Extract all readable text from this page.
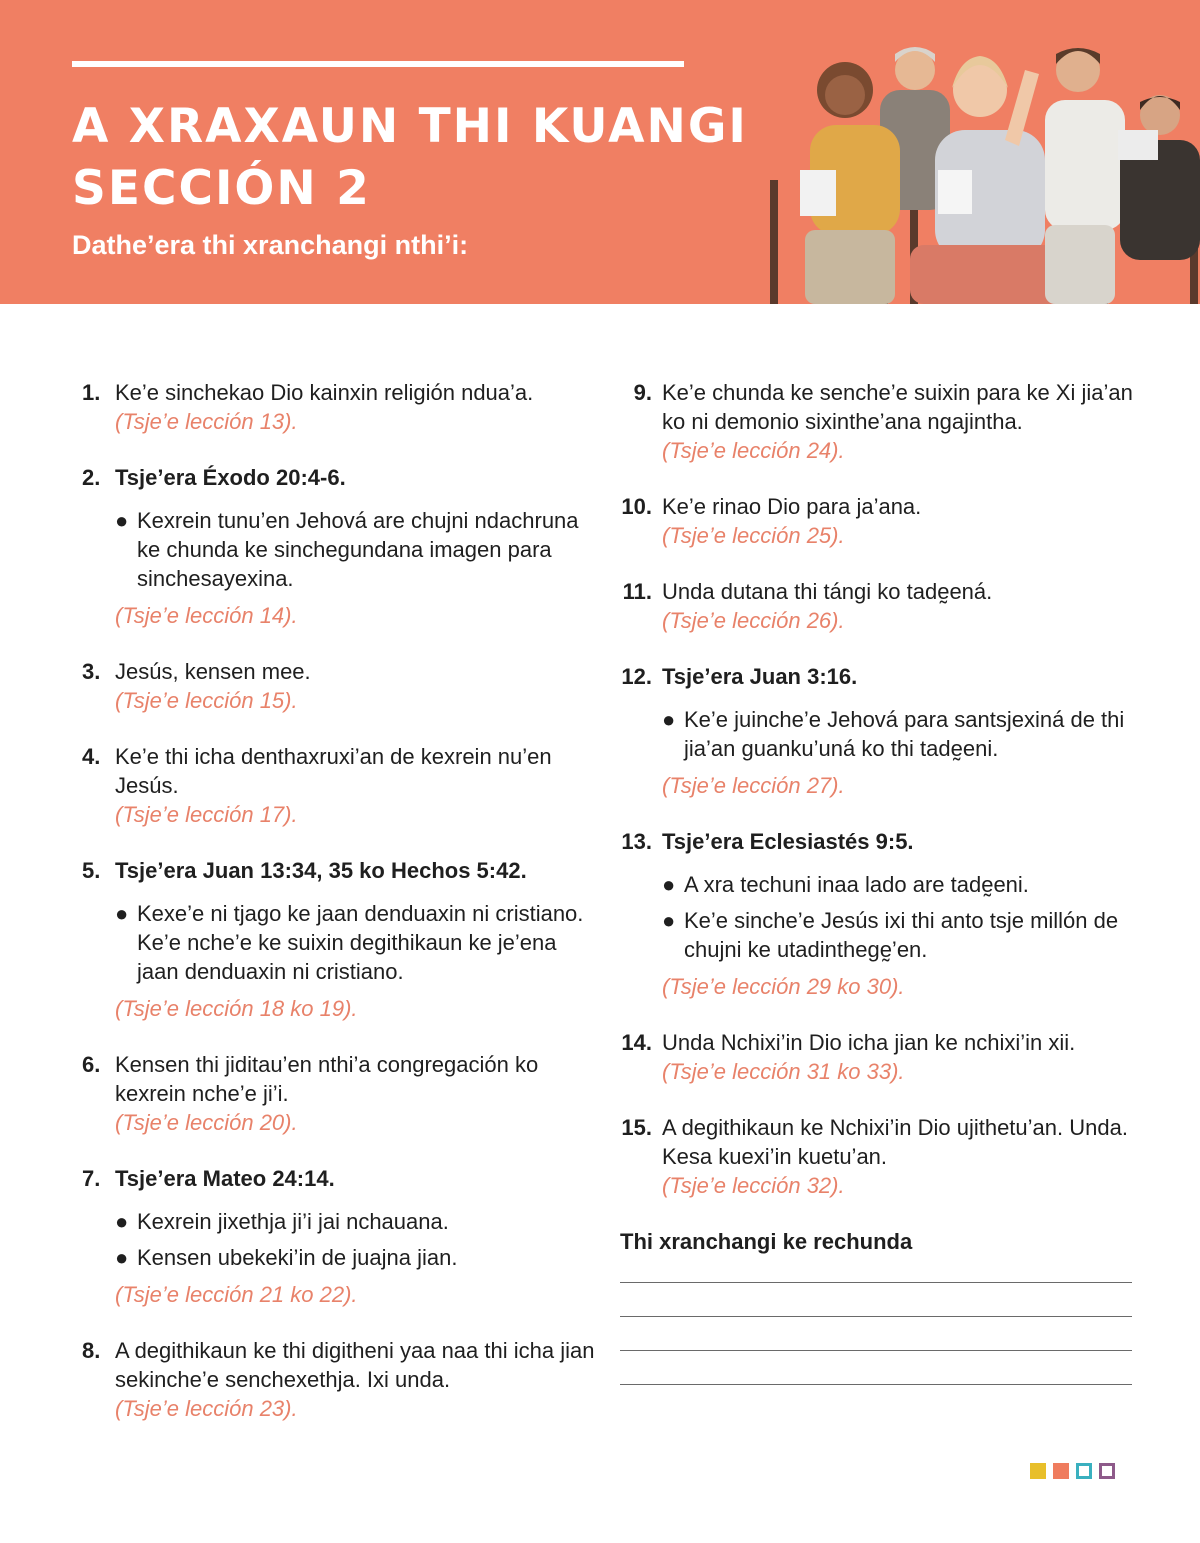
A XRAXAUN THI KUANGI
SECCIÓN 2

Dathe’era thi xranchangi nthi’i:

1. Ke’e sinchekao Dio kainxin religión ndua’a.
(Tsje’e lección 13).
2. Tsje’era Éxodo 20:4-6.
● Kexrein tunu’en Jehová are chujni ndachruna ke chunda ke sinchegundana imagen para sinchesayexina.
(Tsje’e lección 14).
3. Jesús, kensen mee.
(Tsje’e lección 15).
4. Ke’e thi icha denthaxruxi’an de kexrein nu’en Jesús.
(Tsje’e lección 17).
5. Tsje’era Juan 13:34, 35 ko Hechos 5:42.
● Kexe’e ni tjago ke jaan denduaxin ni cristiano. Ke’e nche’e ke suixin degithikaun ke je’ena jaan denduaxin ni cristiano.
(Tsje’e lección 18 ko 19).
6. Kensen thi jiditau’en nthi’a congregación ko kexrein nche’e ji’i.
(Tsje’e lección 20).
7. Tsje’era Mateo 24:14.
● Kexrein jixethja ji’i jai nchauana.
● Kensen ubekeki’in de juajna jian.
(Tsje’e lección 21 ko 22).
8. A degithikaun ke thi digitheni yaa naa thi icha jian sekinche’e senchexethja. Ixi unda.
(Tsje’e lección 23).
9. Ke’e chunda ke senche’e suixin para ke Xi jia’an ko ni demonio sixinthe’ana ngajintha.
(Tsje’e lección 24).
10. Ke’e rinao Dio para ja’ana.
(Tsje’e lección 25).
11. Unda dutana thi tángi ko tadḛená.
(Tsje’e lección 26).
12. Tsje’era Juan 3:16.
● Ke’e juinche’e Jehová para santsjexiná de thi jia’an guanku’uná ko thi tadḛeni.
(Tsje’e lección 27).
13. Tsje’era Eclesiastés 9:5.
● A xra techuni inaa lado are tadḛeni.
● Ke’e sinche’e Jesús ixi thi anto tsje millón de chujni ke utadinthegḛ’en.
(Tsje’e lección 29 ko 30).
14. Unda Nchixi’in Dio icha jian ke nchixi’in xii.
(Tsje’e lección 31 ko 33).
15. A degithikaun ke Nchixi’in Dio ujithetu’an. Unda. Kesa kuexi’in kuetu’an.
(Tsje’e lección 32).

Thi xranchangi ke rechunda
